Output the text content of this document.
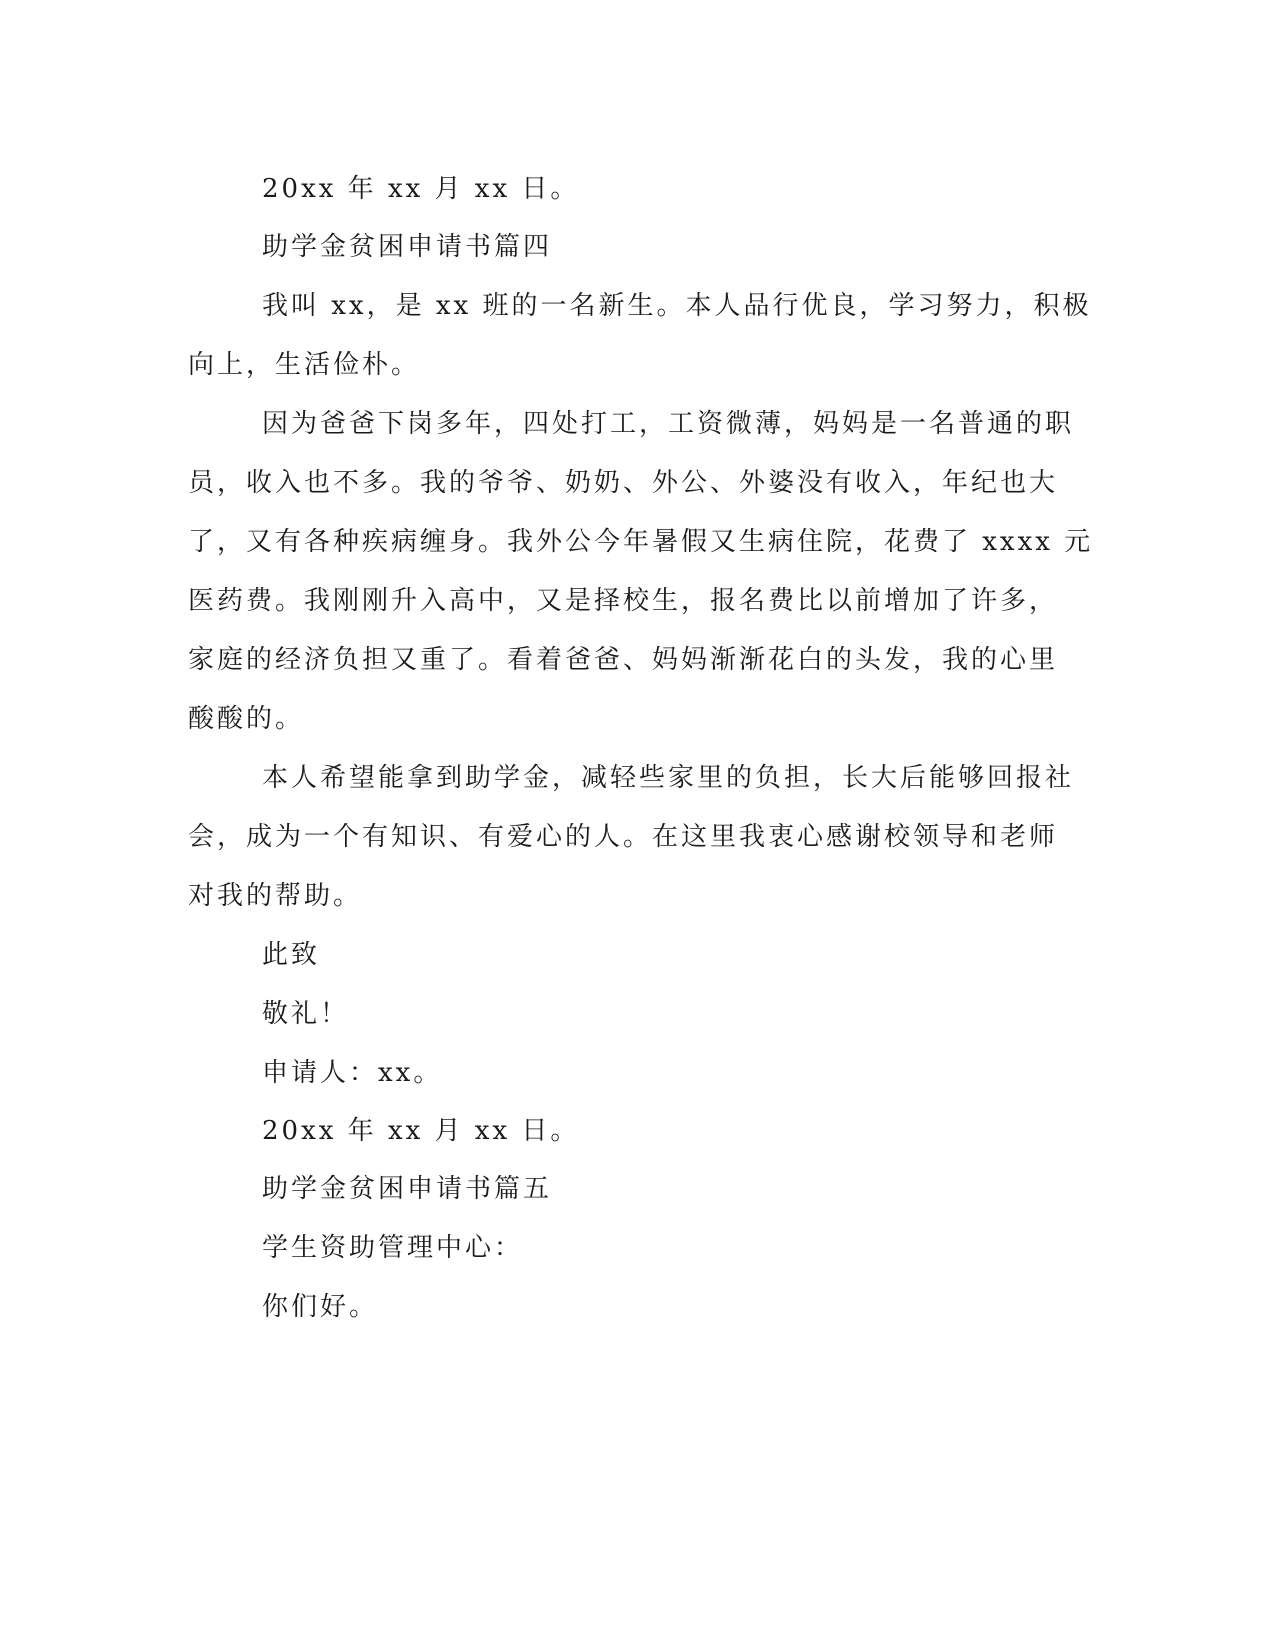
20xx 年 xx 月 xx 日。
助学金贫困申请书篇四
我叫 xx，是 xx 班的一名新生。本人品行优良，学习努力，积极
向上，生活俭朴。
因为爸爸下岗多年，四处打工，工资微薄，妈妈是一名普通的职
员，收入也不多。我的爷爷、奶奶、外公、外婆没有收入，年纪也大
了，又有各种疾病缠身。我外公今年暑假又生病住院，花费了 xxxx 元
医药费。我刚刚升入高中，又是择校生，报名费比以前增加了许多，
家庭的经济负担又重了。看着爸爸、妈妈渐渐花白的头发，我的心里
酸酸的。
本人希望能拿到助学金，减轻些家里的负担，长大后能够回报社
会，成为一个有知识、有爱心的人。在这里我衷心感谢校领导和老师
对我的帮助。
此致
敬礼！
申请人：xx。
20xx 年 xx 月 xx 日。
助学金贫困申请书篇五
学生资助管理中心：
你们好。
